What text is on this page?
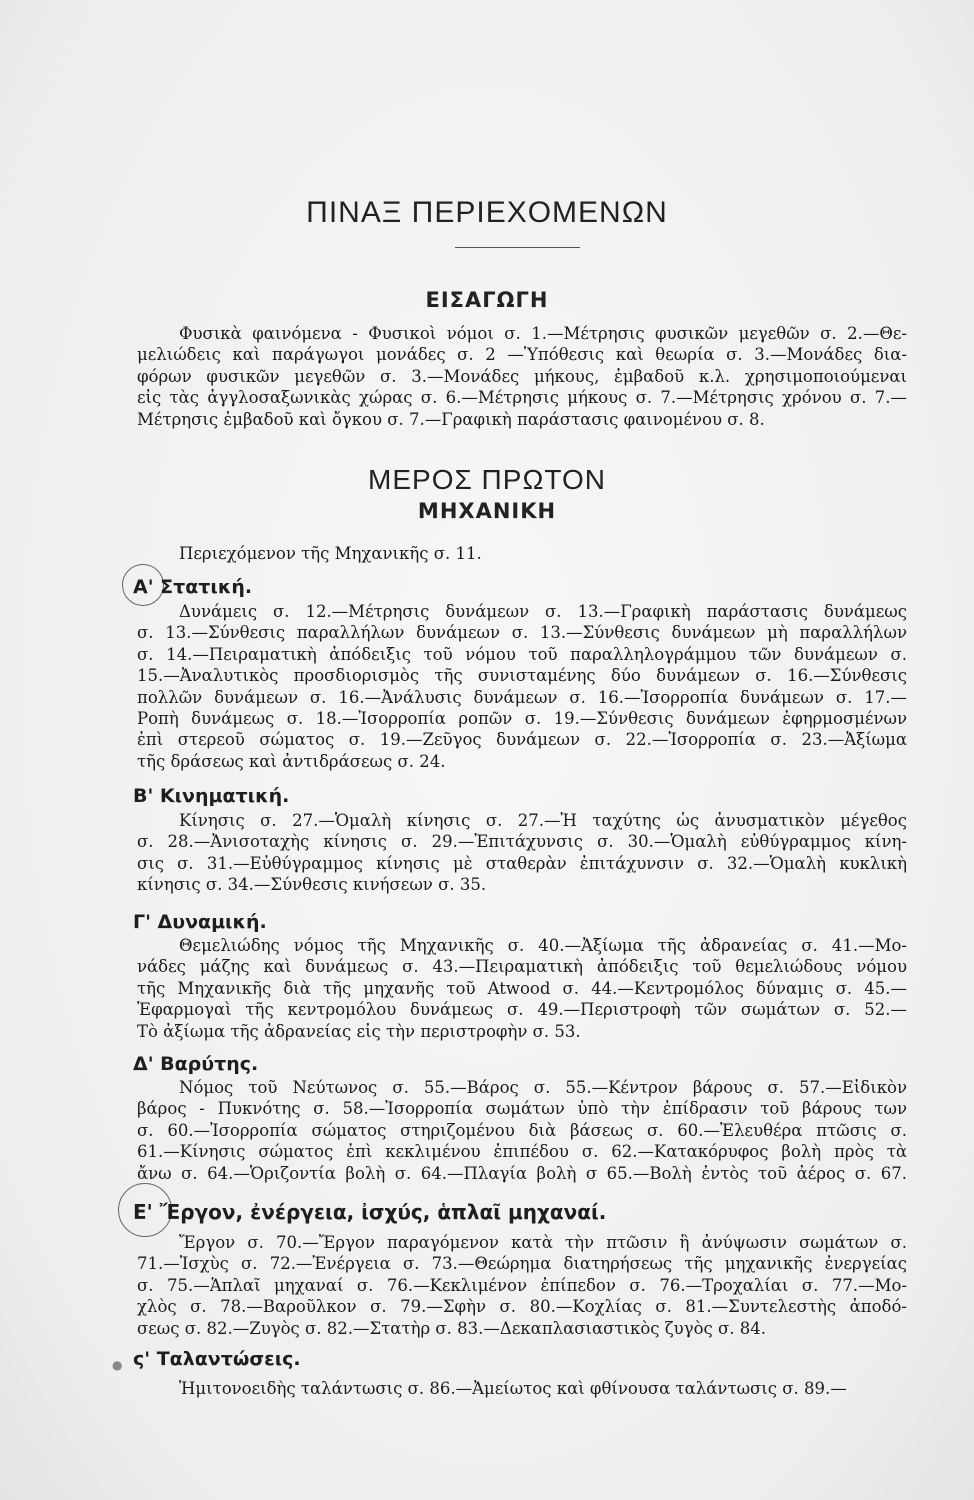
ΠΙΝΑΞ ΠΕΡΙΕΧΟΜΕΝΩΝ
ΕΙΣΑΓΩΓΗ
Φυσικὰ φαινόμενα - Φυσικοὶ νόμοι σ. 1.—Μέτρησις φυσικῶν μεγεθῶν σ. 2.—Θε-
μελιώδεις καὶ παράγωγοι μονάδες σ. 2 —Ὑπόθεσις καὶ θεωρία σ. 3.—Μονάδες δια-
φόρων φυσικῶν μεγεθῶν σ. 3.—Μονάδες μήκους, ἐμβαδοῦ κ.λ. χρησιμοποιούμεναι
εἰς τὰς ἀγγλοσαξωνικὰς χώρας σ. 6.—Μέτρησις μήκους σ. 7.—Μέτρησις χρόνου σ. 7.—
Μέτρησις ἐμβαδοῦ καὶ ὄγκου σ. 7.—Γραφικὴ παράστασις φαινομένου σ. 8.
ΜΕΡΟΣ ΠΡΩΤΟΝ
ΜΗΧΑΝΙΚΗ
Περιεχόμενον τῆς Μηχανικῆς σ. 11.
Α' Στατική.
Δυνάμεις σ. 12.—Μέτρησις δυνάμεων σ. 13.—Γραφικὴ παράστασις δυνάμεως
σ. 13.—Σύνθεσις παραλλήλων δυνάμεων σ. 13.—Σύνθεσις δυνάμεων μὴ παραλλήλων
σ. 14.—Πειραματικὴ ἀπόδειξις τοῦ νόμου τοῦ παραλληλογράμμου τῶν δυνάμεων σ.
15.—Ἀναλυτικὸς προσδιορισμὸς τῆς συνισταμένης δύο δυνάμεων σ. 16.—Σύνθεσις
πολλῶν δυνάμεων σ. 16.—Ἀνάλυσις δυνάμεων σ. 16.—Ἰσορροπία δυνάμεων σ. 17.—
Ροπὴ δυνάμεως σ. 18.—Ἰσορροπία ροπῶν σ. 19.—Σύνθεσις δυνάμεων ἐφηρμοσμένων
ἐπὶ στερεοῦ σώματος σ. 19.—Ζεῦγος δυνάμεων σ. 22.—Ἰσορροπία σ. 23.—Ἀξίωμα
τῆς δράσεως καὶ ἀντιδράσεως σ. 24.
Β' Κινηματική.
Κίνησις σ. 27.—Ὁμαλὴ κίνησις σ. 27.—Ἡ ταχύτης ὡς ἀνυσματικὸν μέγεθος
σ. 28.—Ἀνισοταχὴς κίνησις σ. 29.—Ἐπιτάχυνσις σ. 30.—Ὁμαλὴ εὐθύγραμμος κίνη-
σις σ. 31.—Εὐθύγραμμος κίνησις μὲ σταθερὰν ἐπιτάχυνσιν σ. 32.—Ὁμαλὴ κυκλικὴ
κίνησις σ. 34.—Σύνθεσις κινήσεων σ. 35.
Γ' Δυναμική.
Θεμελιώδης νόμος τῆς Μηχανικῆς σ. 40.—Ἀξίωμα τῆς ἀδρανείας σ. 41.—Μο-
νάδες μάζης καὶ δυνάμεως σ. 43.—Πειραματικὴ ἀπόδειξις τοῦ θεμελιώδους νόμου
τῆς Μηχανικῆς διὰ τῆς μηχανῆς τοῦ Atwood σ. 44.—Κεντρομόλος δύναμις σ. 45.—
Ἐφαρμογαὶ τῆς κεντρομόλου δυνάμεως σ. 49.—Περιστροφὴ τῶν σωμάτων σ. 52.—
Τὸ ἀξίωμα τῆς ἀδρανείας εἰς τὴν περιστροφὴν σ. 53.
Δ' Βαρύτης.
Νόμος τοῦ Νεύτωνος σ. 55.—Βάρος σ. 55.—Κέντρον βάρους σ. 57.—Εἰδικὸν
βάρος - Πυκνότης σ. 58.—Ἰσορροπία σωμάτων ὑπὸ τὴν ἐπίδρασιν τοῦ βάρους των
σ. 60.—Ἰσορροπία σώματος στηριζομένου διὰ βάσεως σ. 60.—Ἐλευθέρα πτῶσις σ.
61.—Κίνησις σώματος ἐπὶ κεκλιμένου ἐπιπέδου σ. 62.—Κατακόρυφος βολὴ πρὸς τὰ
ἄνω σ. 64.—Ὁριζοντία βολὴ σ. 64.—Πλαγία βολὴ σ 65.—Βολὴ ἐντὸς τοῦ ἀέρος σ. 67.
Ε' Ἔργον, ἐνέργεια, ἰσχύς, ἁπλαῖ μηχαναί.
Ἔργον σ. 70.—Ἔργον παραγόμενον κατὰ τὴν πτῶσιν ἢ ἀνύψωσιν σωμάτων σ.
71.—Ἰσχὺς σ. 72.—Ἐνέργεια σ. 73.—Θεώρημα διατηρήσεως τῆς μηχανικῆς ἐνεργείας
σ. 75.—Ἁπλαῖ μηχαναί σ. 76.—Κεκλιμένον ἐπίπεδον σ. 76.—Τροχαλίαι σ. 77.—Μο-
χλὸς σ. 78.—Βαροῦλκον σ. 79.—Σφὴν σ. 80.—Κοχλίας σ. 81.—Συντελεστὴς ἀποδό-
σεως σ. 82.—Ζυγὸς σ. 82.—Στατὴρ σ. 83.—Δεκαπλασιαστικὸς ζυγὸς σ. 84.
● ς' Ταλαντώσεις.
Ἡμιτονοειδὴς ταλάντωσις σ. 86.—Ἀμείωτος καὶ φθίνουσα ταλάντωσις σ. 89.—
